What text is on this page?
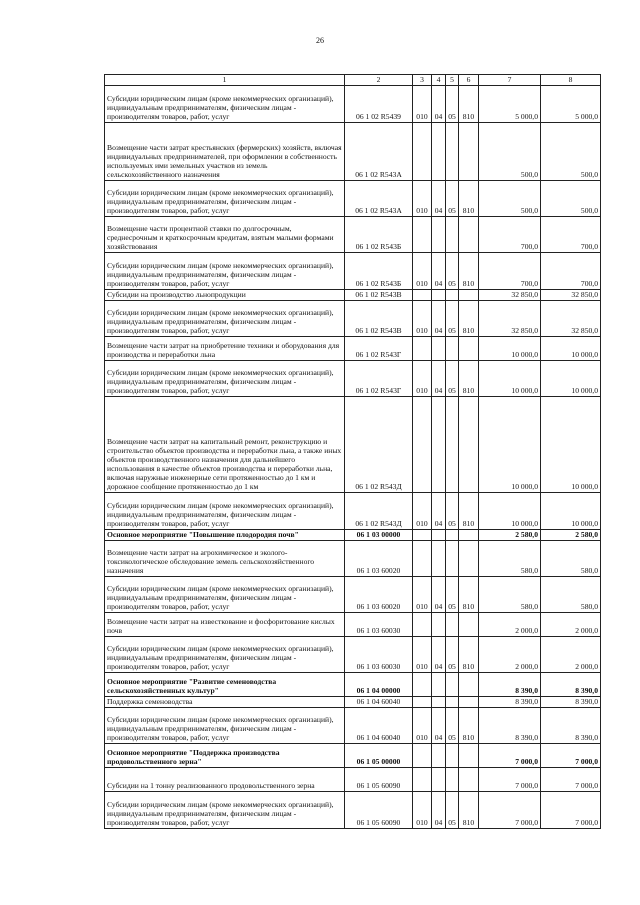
26
1	2	3	4	5	6	7	8
Субсидии юридическим лицам (кроме некоммерческих организаций), индивидуальным предпринимателям, физическим лицам - производителям товаров, работ, услуг	06 1 02 R5439	010	04	05	810	5 000,0	5 000,0
Возмещение части затрат крестьянских (фермерских) хозяйств, включая индивидуальных предпринимателей, при оформлении в собственность используемых ими земельных участков из земель сельскохозяйственного назначения	06 1 02 R543А					500,0	500,0
Субсидии юридическим лицам (кроме некоммерческих организаций), индивидуальным предпринимателям, физическим лицам - производителям товаров, работ, услуг	06 1 02 R543А	010	04	05	810	500,0	500,0
Возмещение части процентной ставки по долгосрочным, среднесрочным и краткосрочным кредитам, взятым малыми формами хозяйствования	06 1 02 R543Б					700,0	700,0
Субсидии юридическим лицам (кроме некоммерческих организаций), индивидуальным предпринимателям, физическим лицам - производителям товаров, работ, услуг	06 1 02 R543Б	010	04	05	810	700,0	700,0
Субсидии на производство льнопродукции	06 1 02 R543В					32 850,0	32 850,0
Субсидии юридическим лицам (кроме некоммерческих организаций), индивидуальным предпринимателям, физическим лицам - производителям товаров, работ, услуг	06 1 02 R543В	010	04	05	810	32 850,0	32 850,0
Возмещение части затрат на приобретение техники и оборудования для производства и переработки льна	06 1 02 R543Г					10 000,0	10 000,0
Субсидии юридическим лицам (кроме некоммерческих организаций), индивидуальным предпринимателям, физическим лицам - производителям товаров, работ, услуг	06 1 02 R543Г	010	04	05	810	10 000,0	10 000,0
Возмещение части затрат на капитальный ремонт, реконструкцию и строительство объектов производства и переработки льна, а также иных объектов производственного назначения для дальнейшего использования в качестве объектов производства и переработки льна, включая наружные инженерные сети протяженностью до 1 км и дорожное сообщение протяженностью до 1 км	06 1 02 R543Д					10 000,0	10 000,0
Субсидии юридическим лицам (кроме некоммерческих организаций), индивидуальным предпринимателям, физическим лицам - производителям товаров, работ, услуг	06 1 02 R543Д	010	04	05	810	10 000,0	10 000,0
Основное мероприятие "Повышение плодородия почв"	06 1 03 00000					2 580,0	2 580,0
Возмещение части затрат на агрохимическое и эколого-токсикологическое обследование земель сельскохозяйственного назначения	06 1 03 60020					580,0	580,0
Субсидии юридическим лицам (кроме некоммерческих организаций), индивидуальным предпринимателям, физическим лицам - производителям товаров, работ, услуг	06 1 03 60020	010	04	05	810	580,0	580,0
Возмещение части затрат на известкование и фосфоритование кислых почв	06 1 03 60030					2 000,0	2 000,0
Субсидии юридическим лицам (кроме некоммерческих организаций), индивидуальным предпринимателям, физическим лицам - производителям товаров, работ, услуг	06 1 03 60030	010	04	05	810	2 000,0	2 000,0
Основное мероприятие "Развитие семеноводства сельскохозяйственных культур"	06 1 04 00000					8 390,0	8 390,0
Поддержка семеноводства	06 1 04 60040					8 390,0	8 390,0
Субсидии юридическим лицам (кроме некоммерческих организаций), индивидуальным предпринимателям, физическим лицам - производителям товаров, работ, услуг	06 1 04 60040	010	04	05	810	8 390,0	8 390,0
Основное мероприятие "Поддержка производства продовольственного зерна"	06 1 05 00000					7 000,0	7 000,0
Субсидии на 1 тонну реализованного продовольственного зерна	06 1 05 60090					7 000,0	7 000,0
Субсидии юридическим лицам (кроме некоммерческих организаций), индивидуальным предпринимателям, физическим лицам - производителям товаров, работ, услуг	06 1 05 60090	010	04	05	810	7 000,0	7 000,0
